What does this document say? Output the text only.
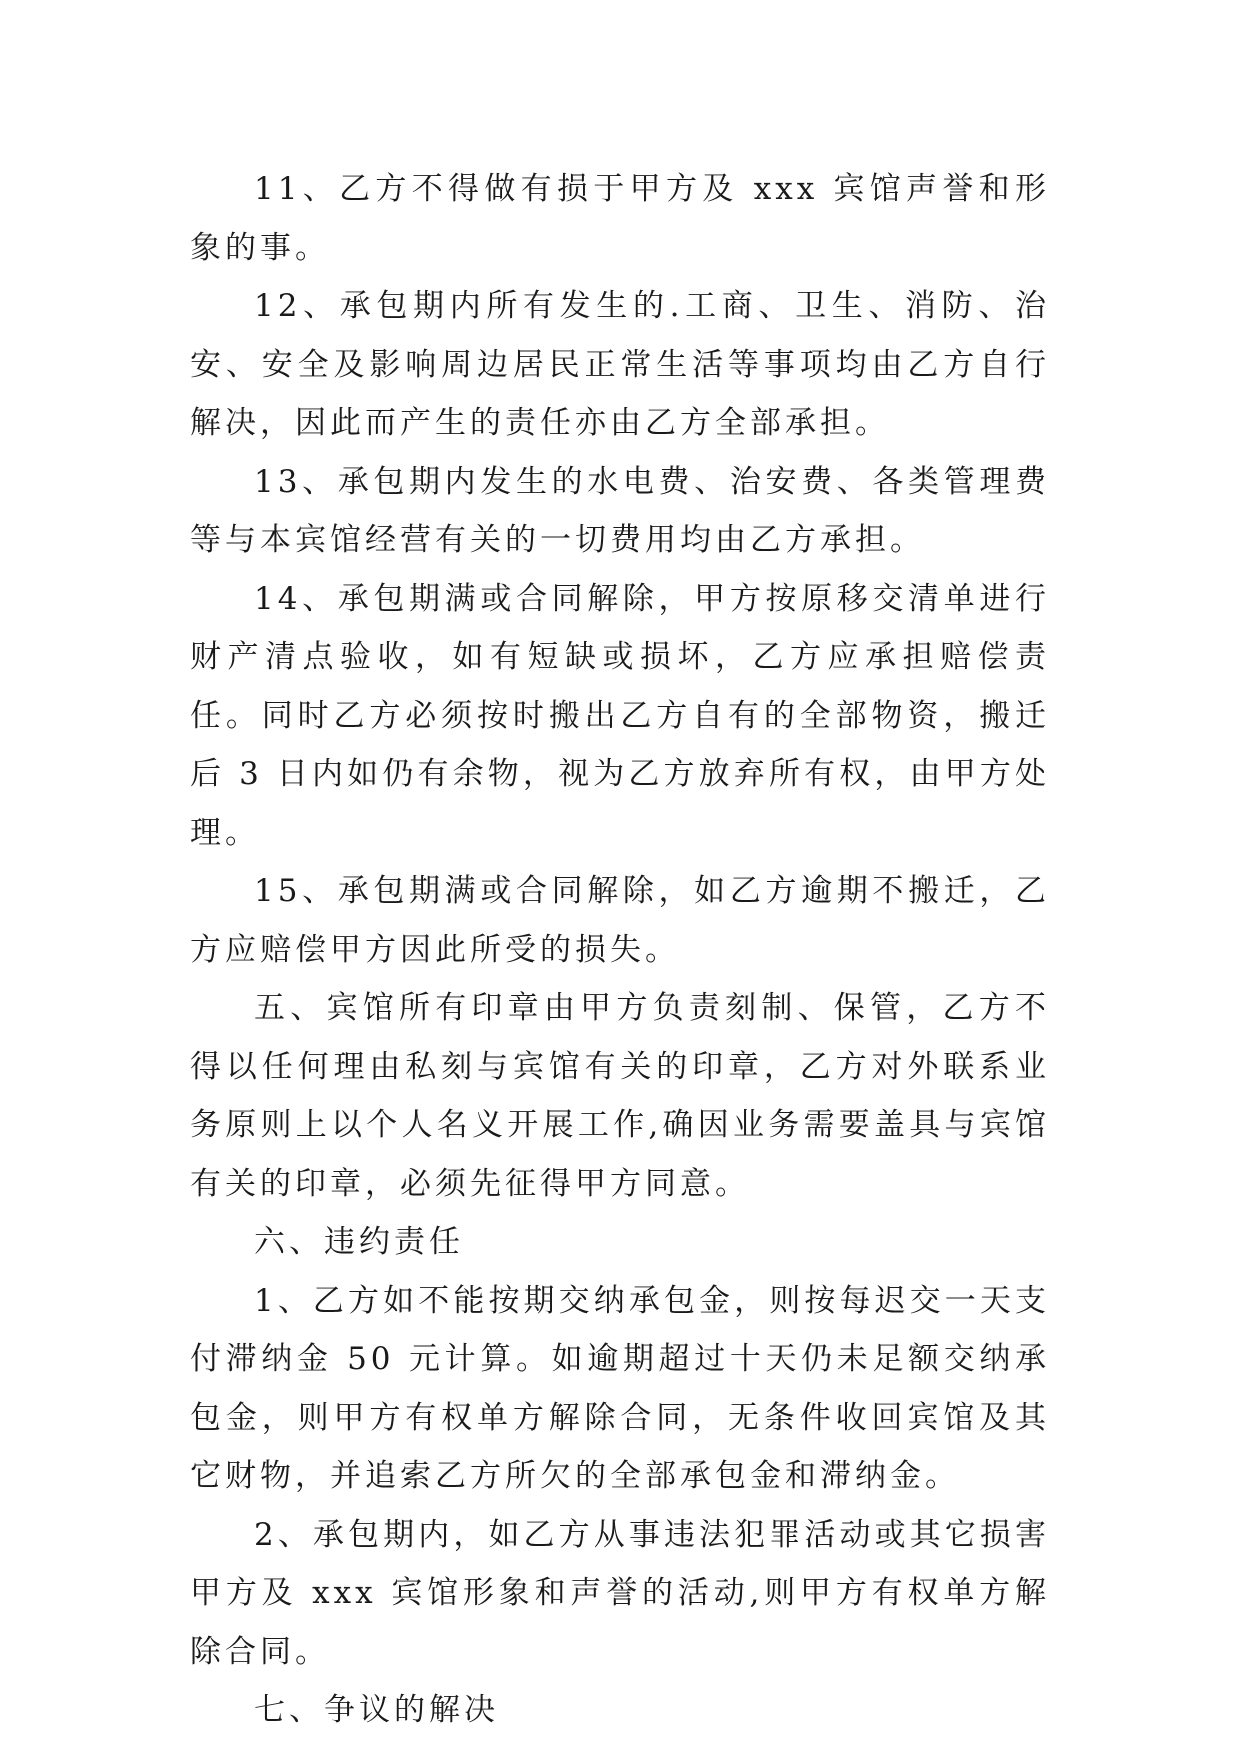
11、乙方不得做有损于甲方及 xxx 宾馆声誉和形象的事。

12、承包期内所有发生的.工商、卫生、消防、治安、安全及影响周边居民正常生活等事项均由乙方自行解决，因此而产生的责任亦由乙方全部承担。

13、承包期内发生的水电费、治安费、各类管理费等与本宾馆经营有关的一切费用均由乙方承担。

14、承包期满或合同解除，甲方按原移交清单进行财产清点验收，如有短缺或损坏，乙方应承担赔偿责任。同时乙方必须按时搬出乙方自有的全部物资，搬迁后 3 日内如仍有余物，视为乙方放弃所有权，由甲方处理。

15、承包期满或合同解除，如乙方逾期不搬迁，乙方应赔偿甲方因此所受的损失。

五、宾馆所有印章由甲方负责刻制、保管，乙方不得以任何理由私刻与宾馆有关的印章，乙方对外联系业务原则上以个人名义开展工作,确因业务需要盖具与宾馆有关的印章，必须先征得甲方同意。

六、违约责任

1、乙方如不能按期交纳承包金，则按每迟交一天支付滞纳金 50 元计算。如逾期超过十天仍未足额交纳承包金，则甲方有权单方解除合同，无条件收回宾馆及其它财物，并追索乙方所欠的全部承包金和滞纳金。

2、承包期内，如乙方从事违法犯罪活动或其它损害甲方及 xxx 宾馆形象和声誉的活动,则甲方有权单方解除合同。

七、争议的解决
